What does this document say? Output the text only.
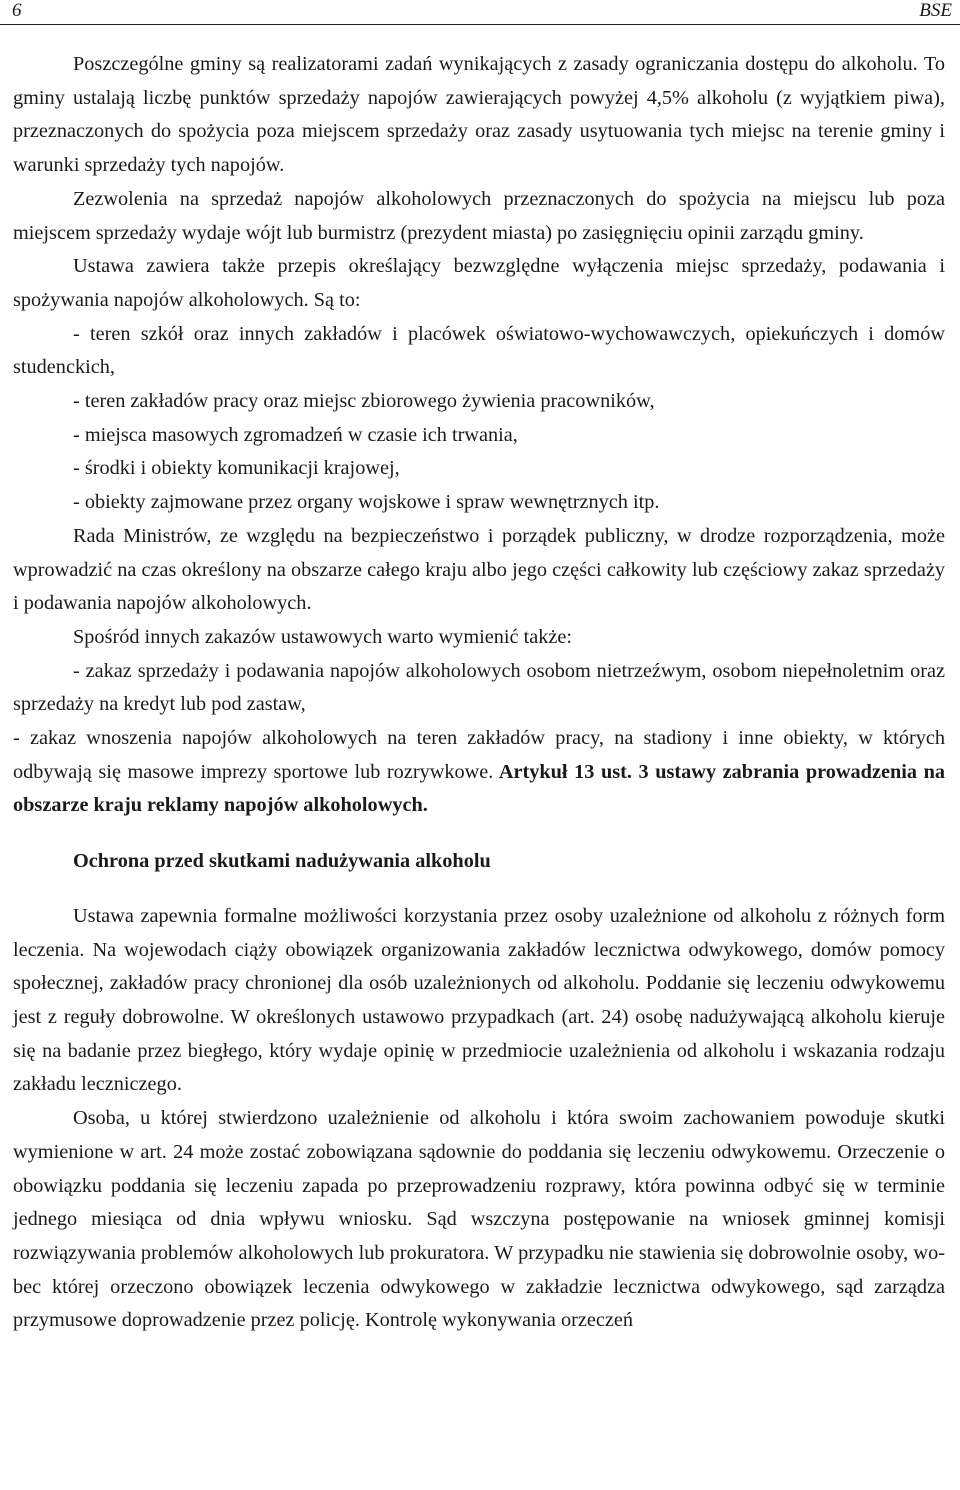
6	BSE

Poszczególne gminy są realizatorami zadań wynikających z zasady ograniczania dostępu do alkoholu. To gminy ustalają liczbę punktów sprzedaży napojów zawierających powyżej 4,5% alkoholu (z wyjątkiem piwa), przeznaczonych do spożycia poza miejscem sprzedaży oraz zasady usytuowania tych miejsc na terenie gminy i warunki sprzedaży tych napojów.

Zezwolenia na sprzedaż napojów alkoholowych przeznaczonych do spożycia na miejscu lub poza miejscem sprzedaży wydaje wójt lub burmistrz (prezydent miasta) po zasięgnięciu opinii zarządu gminy.

Ustawa zawiera także przepis określający bezwzględne wyłączenia miejsc sprzedaży, podawania i spożywania napojów alkoholowych. Są to:

- teren szkół oraz innych zakładów i placówek oświatowo-wychowawczych, opiekuńczych i domów studenckich,

- teren zakładów pracy oraz miejsc zbiorowego żywienia pracowników,

- miejsca masowych zgromadzeń w czasie ich trwania,

- środki i obiekty komunikacji krajowej,

- obiekty zajmowane przez organy wojskowe i spraw wewnętrznych itp.

Rada Ministrów, ze względu na bezpieczeństwo i porządek publiczny, w drodze rozporządzenia, może wprowadzić na czas określony na obszarze całego kraju albo jego części całkowity lub częściowy zakaz sprzedaży i podawania napojów alkoholowych.

Spośród innych zakazów ustawowych warto wymienić także:

- zakaz sprzedaży i podawania napojów alkoholowych osobom nietrzeźwym, osobom niepełnoletnim oraz sprzedaży na kredyt lub pod zastaw,

- zakaz wnoszenia napojów alkoholowych na teren zakładów pracy, na stadiony i inne obiekty, w których odbywają się masowe imprezy sportowe lub rozrywkowe. Artykuł 13 ust. 3 ustawy zabrania prowadzenia na obszarze kraju reklamy napojów alkoholowych.

Ochrona przed skutkami nadużywania alkoholu

Ustawa zapewnia formalne możliwości korzystania przez osoby uzależnione od alkoholu z różnych form leczenia. Na wojewodach ciąży obowiązek organizowania zakładów lecznictwa odwykowego, domów pomocy społecznej, zakładów pracy chronionej dla osób uzależnionych od alkoholu. Poddanie się leczeniu odwykowemu jest z reguły dobrowolne. W określonych ustawowo przypadkach (art. 24) osobę nadużywającą alkoholu kieruje się na badanie przez biegłego, który wydaje opinię w przedmiocie uzależnienia od alkoholu i wskazania rodzaju zakładu leczniczego.

Osoba, u której stwierdzono uzależnienie od alkoholu i która swoim zachowaniem powoduje skutki wymienione w art. 24 może zostać zobowiązana sądownie do poddania się leczeniu odwykowemu. Orzeczenie o obowiązku poddania się leczeniu zapada po przeprowadzeniu rozprawy, która powinna odbyć się w terminie jednego miesiąca od dnia wpływu wniosku. Sąd wszczyna postępowanie na wniosek gminnej komisji rozwiązywania problemów alkoholowych lub prokuratora. W przypadku nie stawienia się dobrowolnie osoby, wobec której orzeczono obowiązek leczenia odwykowego w zakładzie lecznictwa odwykowego, sąd zarządza przymusowe doprowadzenie przez policję. Kontrolę wykonywania orzeczeń
